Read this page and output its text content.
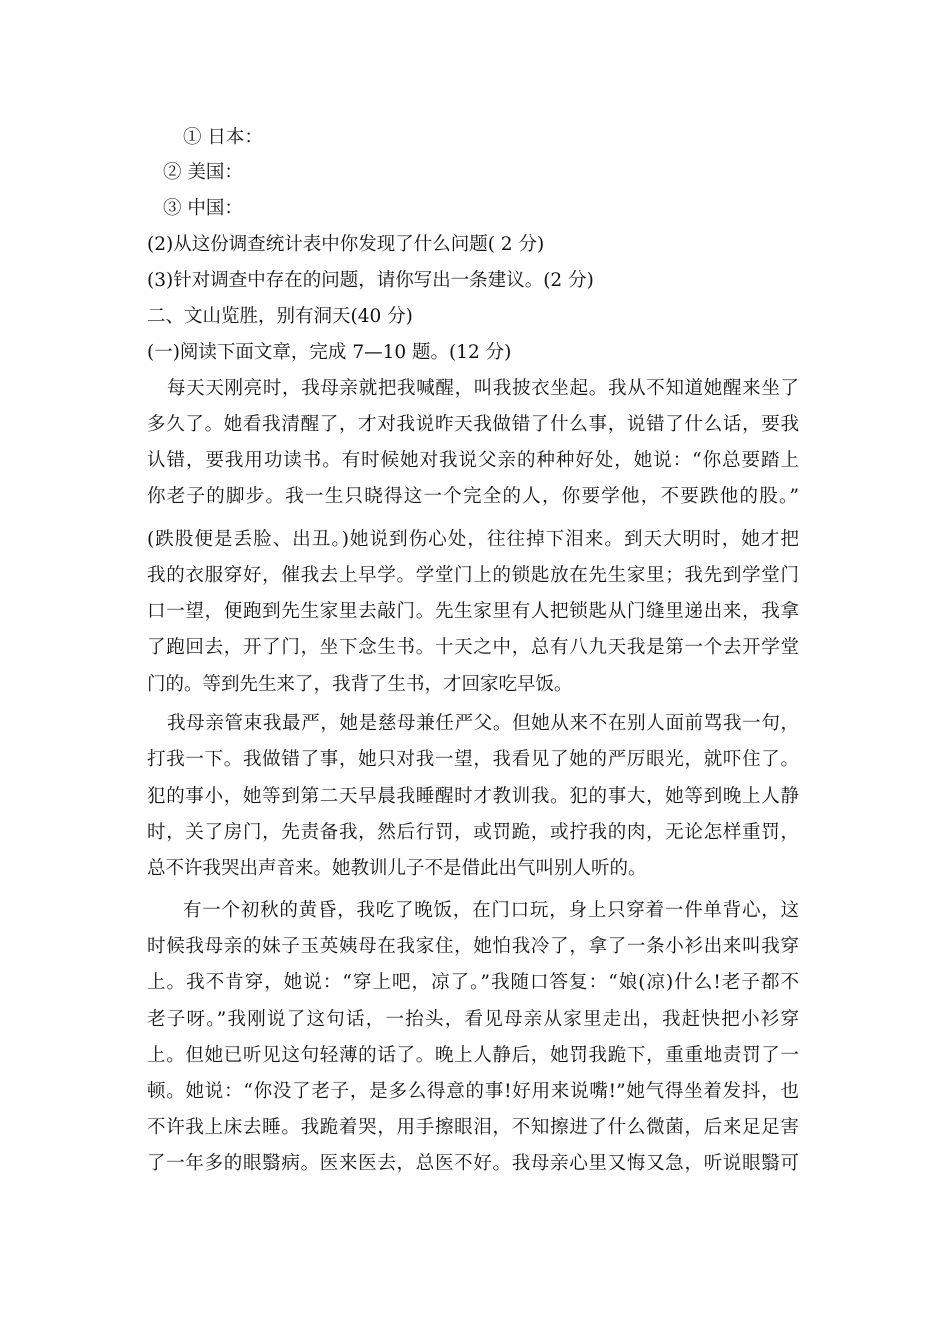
① 日本：
② 美国：
③ 中国：
(2)从这份调查统计表中你发现了什么问题( 2 分)
(3)针对调查中存在的问题，请你写出一条建议。(2 分)
二、文山览胜，别有洞天(40 分)
(一)阅读下面文章，完成 7—10 题。(12 分)
每天天刚亮时，我母亲就把我喊醒，叫我披衣坐起。我从不知道她醒来坐了
多久了。她看我清醒了，才对我说昨天我做错了什么事，说错了什么话，要我
认错，要我用功读书。有时候她对我说父亲的种种好处，她说：“你总要踏上
你老子的脚步。我一生只晓得这一个完全的人，你要学他，不要跌他的股。”
(跌股便是丢脸、出丑。)她说到伤心处，往往掉下泪来。到天大明时，她才把
我的衣服穿好，催我去上早学。学堂门上的锁匙放在先生家里；我先到学堂门
口一望，便跑到先生家里去敲门。先生家里有人把锁匙从门缝里递出来，我拿
了跑回去，开了门，坐下念生书。十天之中，总有八九天我是第一个去开学堂
门的。等到先生来了，我背了生书，才回家吃早饭。
我母亲管束我最严，她是慈母兼任严父。但她从来不在别人面前骂我一句，
打我一下。我做错了事，她只对我一望，我看见了她的严厉眼光，就吓住了。
犯的事小，她等到第二天早晨我睡醒时才教训我。犯的事大，她等到晚上人静
时，关了房门，先责备我，然后行罚，或罚跪，或拧我的肉，无论怎样重罚，
总不许我哭出声音来。她教训儿子不是借此出气叫别人听的。
有一个初秋的黄昏，我吃了晚饭，在门口玩，身上只穿着一件单背心，这
时候我母亲的妹子玉英姨母在我家住，她怕我冷了，拿了一条小衫出来叫我穿
上。我不肯穿，她说：“穿上吧，凉了。”我随口答复：“娘(凉)什么!老子都不
老子呀。”我刚说了这句话，一抬头，看见母亲从家里走出，我赶快把小衫穿
上。但她已听见这句轻薄的话了。晚上人静后，她罚我跪下，重重地责罚了一
顿。她说：“你没了老子，是多么得意的事!好用来说嘴!”她气得坐着发抖，也
不许我上床去睡。我跪着哭，用手擦眼泪，不知擦进了什么微菌，后来足足害
了一年多的眼翳病。医来医去，总医不好。我母亲心里又悔又急，听说眼翳可
